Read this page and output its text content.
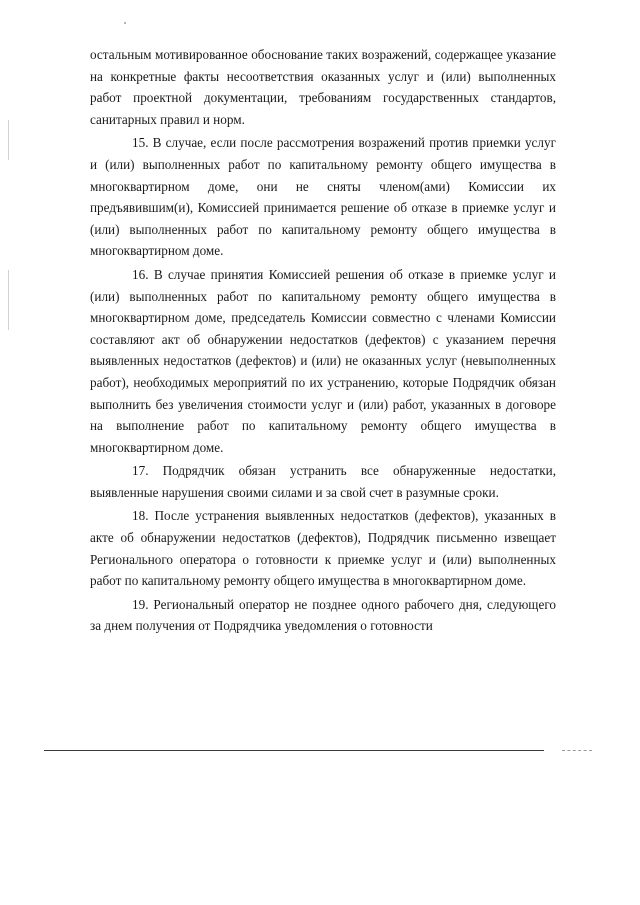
остальным мотивированное обоснование таких возражений, содержащее указание на конкретные факты несоответствия оказанных услуг и (или) выполненных работ проектной документации, требованиям государственных стандартов, санитарных правил и норм.

15. В случае, если после рассмотрения возражений против приемки услуг и (или) выполненных работ по капитальному ремонту общего имущества в многоквартирном доме, они не сняты членом(ами) Комиссии их предъявившим(и), Комиссией принимается решение об отказе в приемке услуг и (или) выполненных работ по капитальному ремонту общего имущества в многоквартирном доме.

16. В случае принятия Комиссией решения об отказе в приемке услуг и (или) выполненных работ по капитальному ремонту общего имущества в многоквартирном доме, председатель Комиссии совместно с членами Комиссии составляют акт об обнаружении недостатков (дефектов) с указанием перечня выявленных недостатков (дефектов) и (или) не оказанных услуг (невыполненных работ), необходимых мероприятий по их устранению, которые Подрядчик обязан выполнить без увеличения стоимости услуг и (или) работ, указанных в договоре на выполнение работ по капитальному ремонту общего имущества в многоквартирном доме.

17. Подрядчик обязан устранить все обнаруженные недостатки, выявленные нарушения своими силами и за свой счет в разумные сроки.

18. После устранения выявленных недостатков (дефектов), указанных в акте об обнаружении недостатков (дефектов), Подрядчик письменно извещает Регионального оператора о готовности к приемке услуг и (или) выполненных работ по капитальному ремонту общего имущества в многоквартирном доме.

19. Региональный оператор не позднее одного рабочего дня, следующего за днем получения от Подрядчика уведомления о готовности
